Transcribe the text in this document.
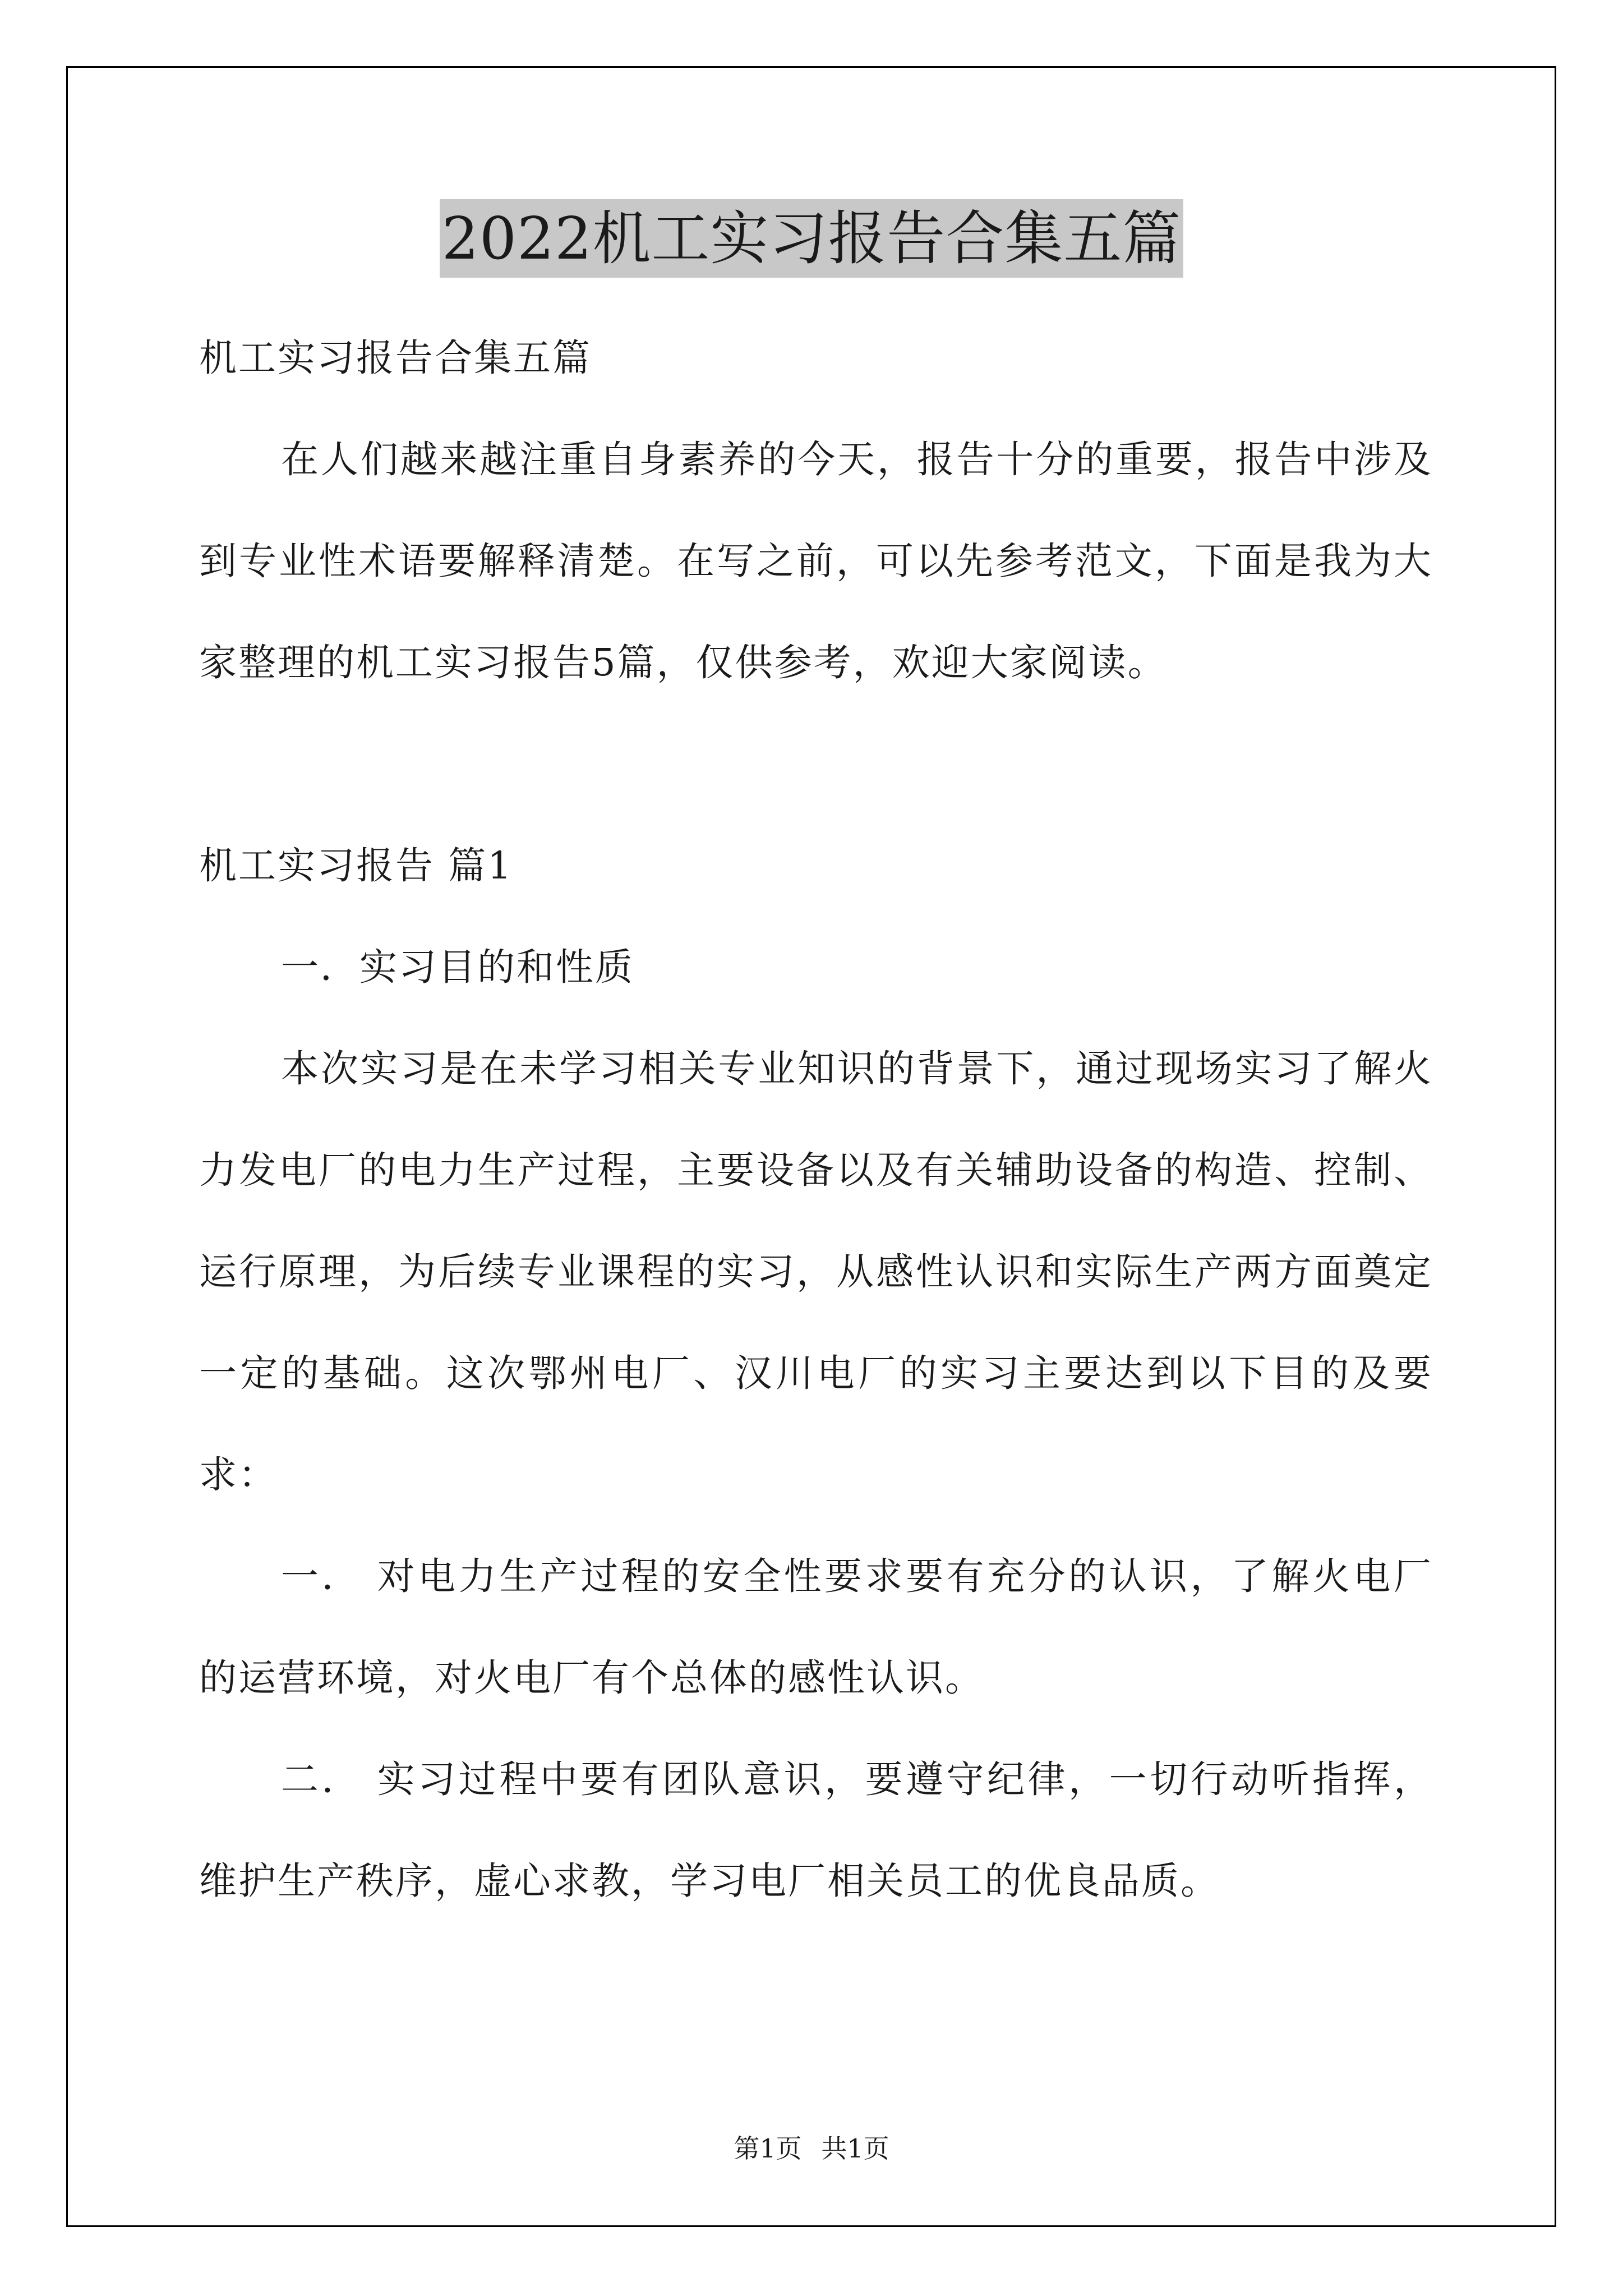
2022机工实习报告合集五篇

机工实习报告合集五篇

在人们越来越注重自身素养的今天，报告十分的重要，报告中涉及到专业性术语要解释清楚。在写之前，可以先参考范文，下面是我为大家整理的机工实习报告5篇，仅供参考，欢迎大家阅读。

机工实习报告 篇1

一．实习目的和性质

本次实习是在未学习相关专业知识的背景下，通过现场实习了解火力发电厂的电力生产过程，主要设备以及有关辅助设备的构造、控制、运行原理，为后续专业课程的实习，从感性认识和实际生产两方面奠定一定的基础。这次鄂州电厂、汉川电厂的实习主要达到以下目的及要求：

一． 对电力生产过程的安全性要求要有充分的认识，了解火电厂的运营环境，对火电厂有个总体的感性认识。

二． 实习过程中要有团队意识，要遵守纪律，一切行动听指挥，维护生产秩序，虚心求教，学习电厂相关员工的优良品质。

第1页 共1页
